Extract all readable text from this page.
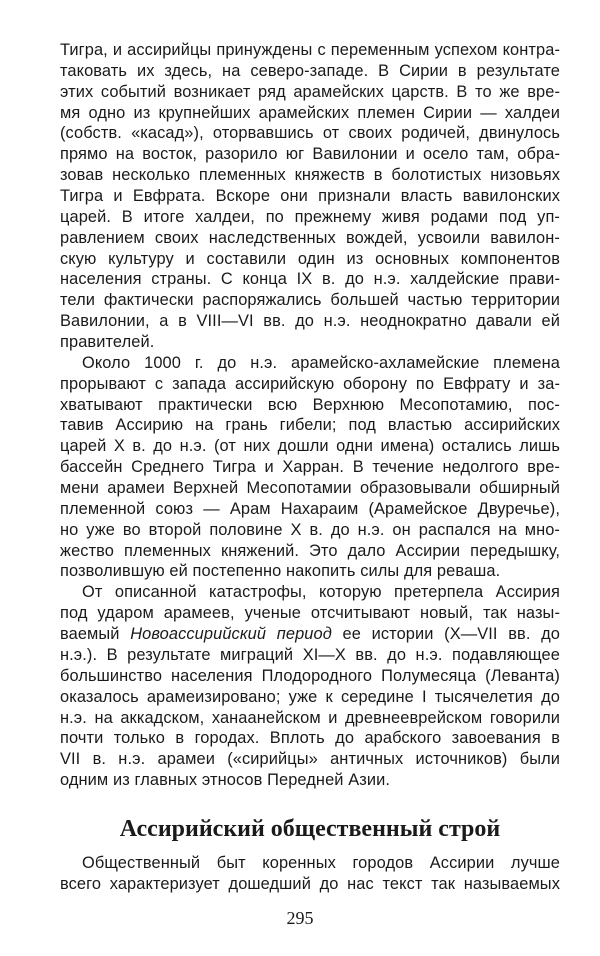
Тигра, и ассирийцы принуждены с переменным успехом контра-
таковать их здесь, на северо-западе. В Сирии в результате
этих событий возникает ряд арамейских царств. В то же вре-
мя одно из крупнейших арамейских племен Сирии — халдеи
(собств. «касад»), оторвавшись от своих родичей, двинулось
прямо на восток, разорило юг Вавилонии и осело там, обра-
зовав несколько племенных княжеств в болотистых низовьях
Тигра и Евфрата. Вскоре они признали власть вавилонских
царей. В итоге халдеи, по прежнему живя родами под уп-
равлением своих наследственных вождей, усвоили вавилон-
скую культуру и составили один из основных компонентов
населения страны. С конца IX в. до н.э. халдейские прави-
тели фактически распоряжались большей частью территории
Вавилонии, а в VIII—VI вв. до н.э. неоднократно давали ей
правителей.
Около 1000 г. до н.э. арамейско-ахламейские племена
прорывают с запада ассирийскую оборону по Евфрату и за-
хватывают практически всю Верхнюю Месопотамию, пос-
тавив Ассирию на грань гибели; под властью ассирийских
царей X в. до н.э. (от них дошли одни имена) остались лишь
бассейн Среднего Тигра и Харран. В течение недолгого вре-
мени арамеи Верхней Месопотамии образовывали обширный
племенной союз — Арам Нахараим (Арамейское Двуречье),
но уже во второй половине X в. до н.э. он распался на мно-
жество племенных княжений. Это дало Ассирии передышку,
позволившую ей постепенно накопить силы для реваша.
От описанной катастрофы, которую претерпела Ассирия
под ударом арамеев, ученые отсчитывают новый, так назы-
ваемый Новоассирийский период ее истории (X—VII вв. до
н.э.). В результате миграций XI—X вв. до н.э. подавляющее
большинство населения Плодородного Полумесяца (Леванта)
оказалось арамеизировано; уже к середине I тысячелетия до
н.э. на аккадском, ханаанейском и древнееврейском говорили
почти только в городах. Вплоть до арабского завоевания в
VII в. н.э. арамеи («сирийцы» античных источников) были
одним из главных этносов Передней Азии.
Ассирийский общественный строй
Общественный быт коренных городов Ассирии лучше
всего характеризует дошедший до нас текст так называемых
295
